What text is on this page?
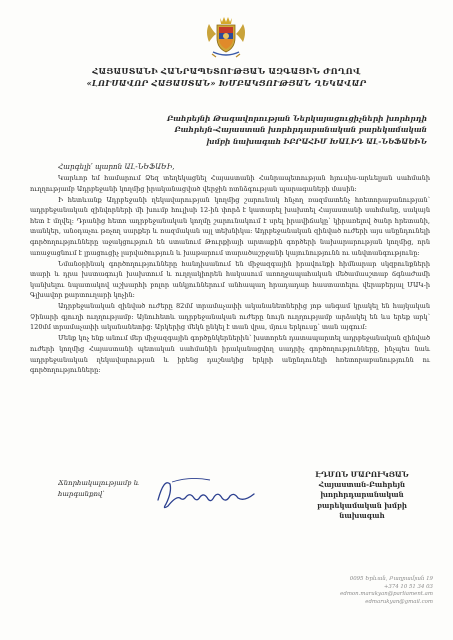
ՀԱՅԱՍՏԱՆԻ ՀԱՆՐԱՊԵՏՈՒԹՅԱՆ ԱԶԳԱՅԻՆ ԺՈՂՈՎ
«ԼՈՒՍԱՎՈՐ ՀԱՅԱՍՏԱՆ» ԽՄԲԱԿՑՈՒԹՅԱՆ ՂԵԿԱՎԱՐ
Բահրեյնի Թագավորության Ներկայացուցիչների խորհրդի
Բահրեյն-Հայաստան խորհրդարանական բարեկամական
խմբի նախագահ ԻԲՐԱՀԻՄ ԽԱԼԻԴ ԱԼ-ՆԵՖԱԵԻՆ
Հարգելի՛ պարոն ԱԼ-ՆԵՖԱԵԻ,

Կարևոր եմ համարում Ձեզ տեղեկացնել Հայաստանի Հանրապետության հյուսիս-արևելյան սահմանի ուղղությամբ Ադրբեջանի կողմից իրականացված վերջին ոտնձգության պարագաների մասին:

Ի հետևանք Ադրբեջանի ղեկավարության կողմից շարունակ հնչող ռազմատենչ հռետորաբանության՝ ադրբեջանական զինվորների մի խումբ հուլիսի 12-ին փորձ է կատարել խախտել Հայաստանի սահմանը, սակայն հետ է մղվել: Դրանից հետո ադրբեջանական կողմը շարունակում է սրել իրավիճակը՝ կիրառելով ծանր հրետանի, տանկեր, անօդաչու թռչող սարքեր և ռազմական այլ տեխնիկա: Ադրբեջանական զինված ուժերի այս անընդունելի գործողությունները աջակցություն են ստանում Թուրքիայի արտաքին գործերի նախարարության կողմից, որն առաջացնում է լրացուցիչ լարվածություն և խաթարում տարածաշրջանի կայունությունն ու անվտանգությունը:

Նմանօրինակ գործողությունները հանդիսանում են միջազգային իրավունքի հիմնարար սկզբունքների տարի և դրա խստագույն խախտում և ուղղակիորեն հակասում առողջապահական մեծամասշտաբ ճգնաժամի կանխելու նպատակով աշխարհի բոլոր անկյուններում անհապաղ հրադադար հաստատելու վերաբերյալ ՄԱԿ-ի Գլխավոր քարտուղարի կոչին:

Ադրբեջանական զինված ուժերը 82մմ տրամաչափի ականանետներից յոթ անգամ կրակել են հայկական Չինարի գյուղի ուղղությամբ: Այնուհետև ադրբեջանական ուժերը նույն ուղղությամբ արձակել են ևս երեք արկ՝ 120մմ տրամաչափի ականանետից: Արկերից մեկն ընկել է տան վրա, մյուս երկուսը՝ տան այգում:

Մենք կոչ ենք անում մեր միջազգային գործընկերներին՝ խստորեն դատապարտել ադրբեջանական զինված ուժերի կողմից Հայաստանի պետական սահմանին իրականացվող սադրիչ գործողությունները, ինչպես նաև ադրբեջանական ղեկավարության և իրենց դաշնակից երկրի անընդունելի հռետորաբանությունն ու գործողությունները:

Ճնորհակալությամբ և
հարգանքով՝
ԷԴՄՈՆ ՄԱՐՈՒԿՅԱՆ
Հայաստան-Բահրեյն
խորհրդարանական
բարեկամական խմբի
նախագահ
0095 Երևան, Բաղրամյան 19
+374 10 51 34 03
edmon.marukyan@parliament.am
edmarukyan@gmail.com
